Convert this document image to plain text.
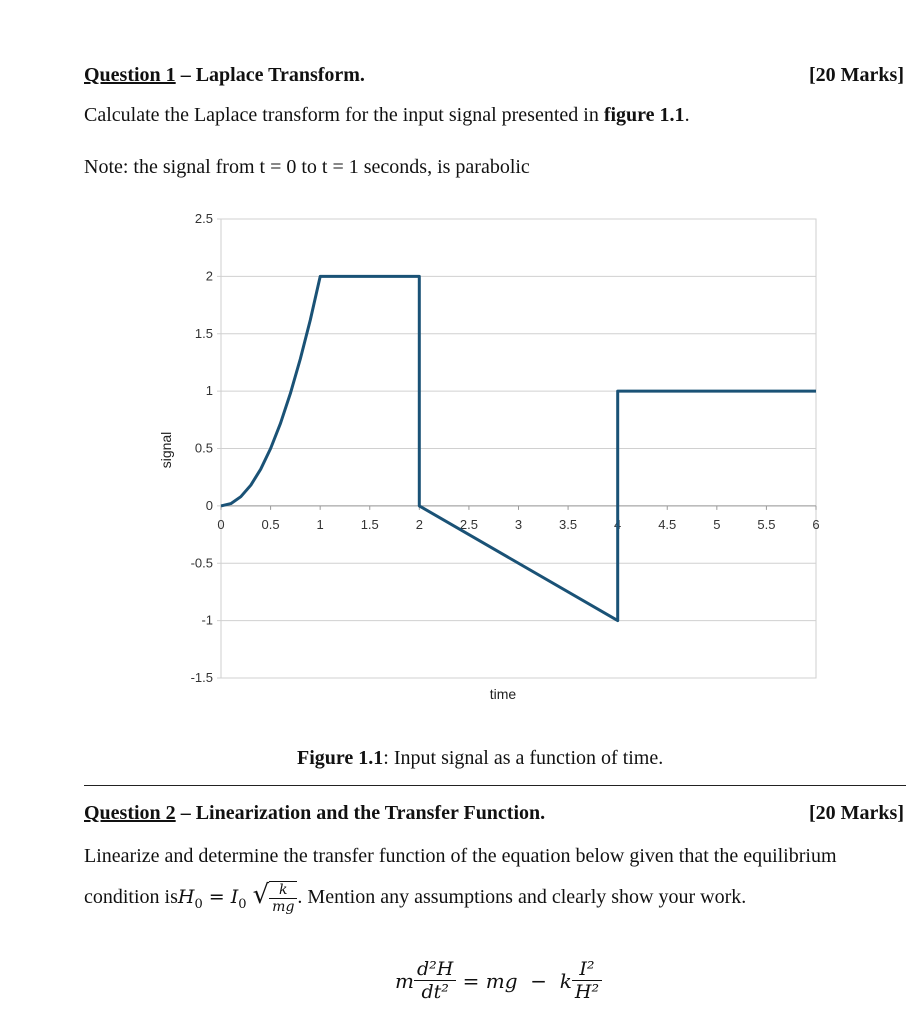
Question 1 – Laplace Transform.	[20 Marks]
Calculate the Laplace transform for the input signal presented in figure 1.1.
Note: the signal from t = 0 to t = 1 seconds, is parabolic
2.5
2
1.5
1
0.5
0
-0.5
-1
-1.5
0	0.5	1	1.5	2	2.5	3	3.5	4	4.5	5	5.5	6
time
signal
Figure 1.1: Input signal as a function of time.
Question 2 – Linearization and the Transfer Function.	[20 Marks]
Linearize and determine the transfer function of the equation below given that the equilibrium
condition is $H_0 = I_0$ √ $\frac{k}{mg}$ . Mention any assumptions and clearly show your work.
m $\frac{\text{d²H}}{\text{dt²}}$ = mg  −  k $\frac{\text{I²}}{\text{H²}}$
